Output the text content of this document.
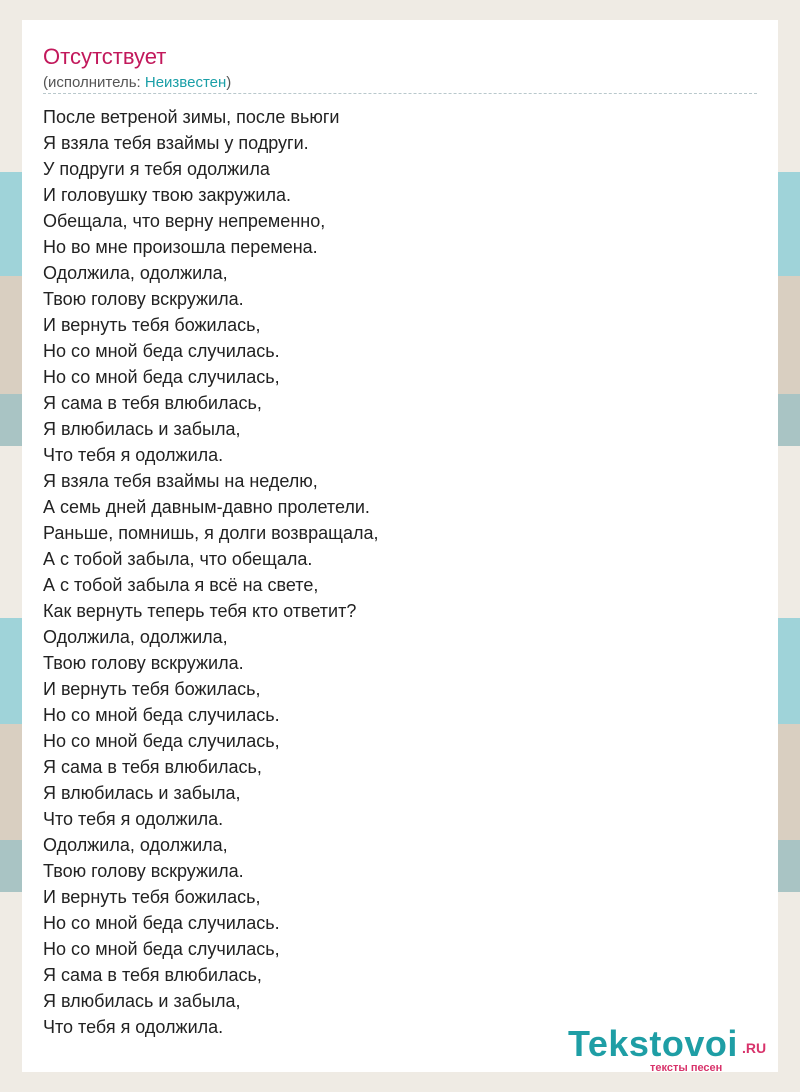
Отсутствует
(исполнитель: Неизвестен)
После ветреной зимы, после вьюги
Я взяла тебя взаймы у подруги.
У подруги я тебя одолжила
И головушку твою закружила.
Обещала, что верну непременно,
Но во мне произошла перемена.
Одолжила, одолжила,
Твою голову вскружила.
И вернуть тебя божилась,
Но со мной беда случилась.
Но со мной беда случилась,
Я сама в тебя влюбилась,
Я влюбилась и забыла,
Что тебя я одолжила.
Я взяла тебя взаймы на неделю,
А семь дней давным-давно пролетели.
Раньше, помнишь, я долги возвращала,
А с тобой забыла, что обещала.
А с тобой забыла я всё на свете,
Как вернуть теперь тебя кто ответит?
Одолжила, одолжила,
Твою голову вскружила.
И вернуть тебя божилась,
Но со мной беда случилась.
Но со мной беда случилась,
Я сама в тебя влюбилась,
Я влюбилась и забыла,
Что тебя я одолжила.
Одолжила, одолжила,
Твою голову вскружила.
И вернуть тебя божилась,
Но со мной беда случилась.
Но со мной беда случилась,
Я сама в тебя влюбилась,
Я влюбилась и забыла,
Что тебя я одолжила.	Tekstovoi .RU
тексты песен
